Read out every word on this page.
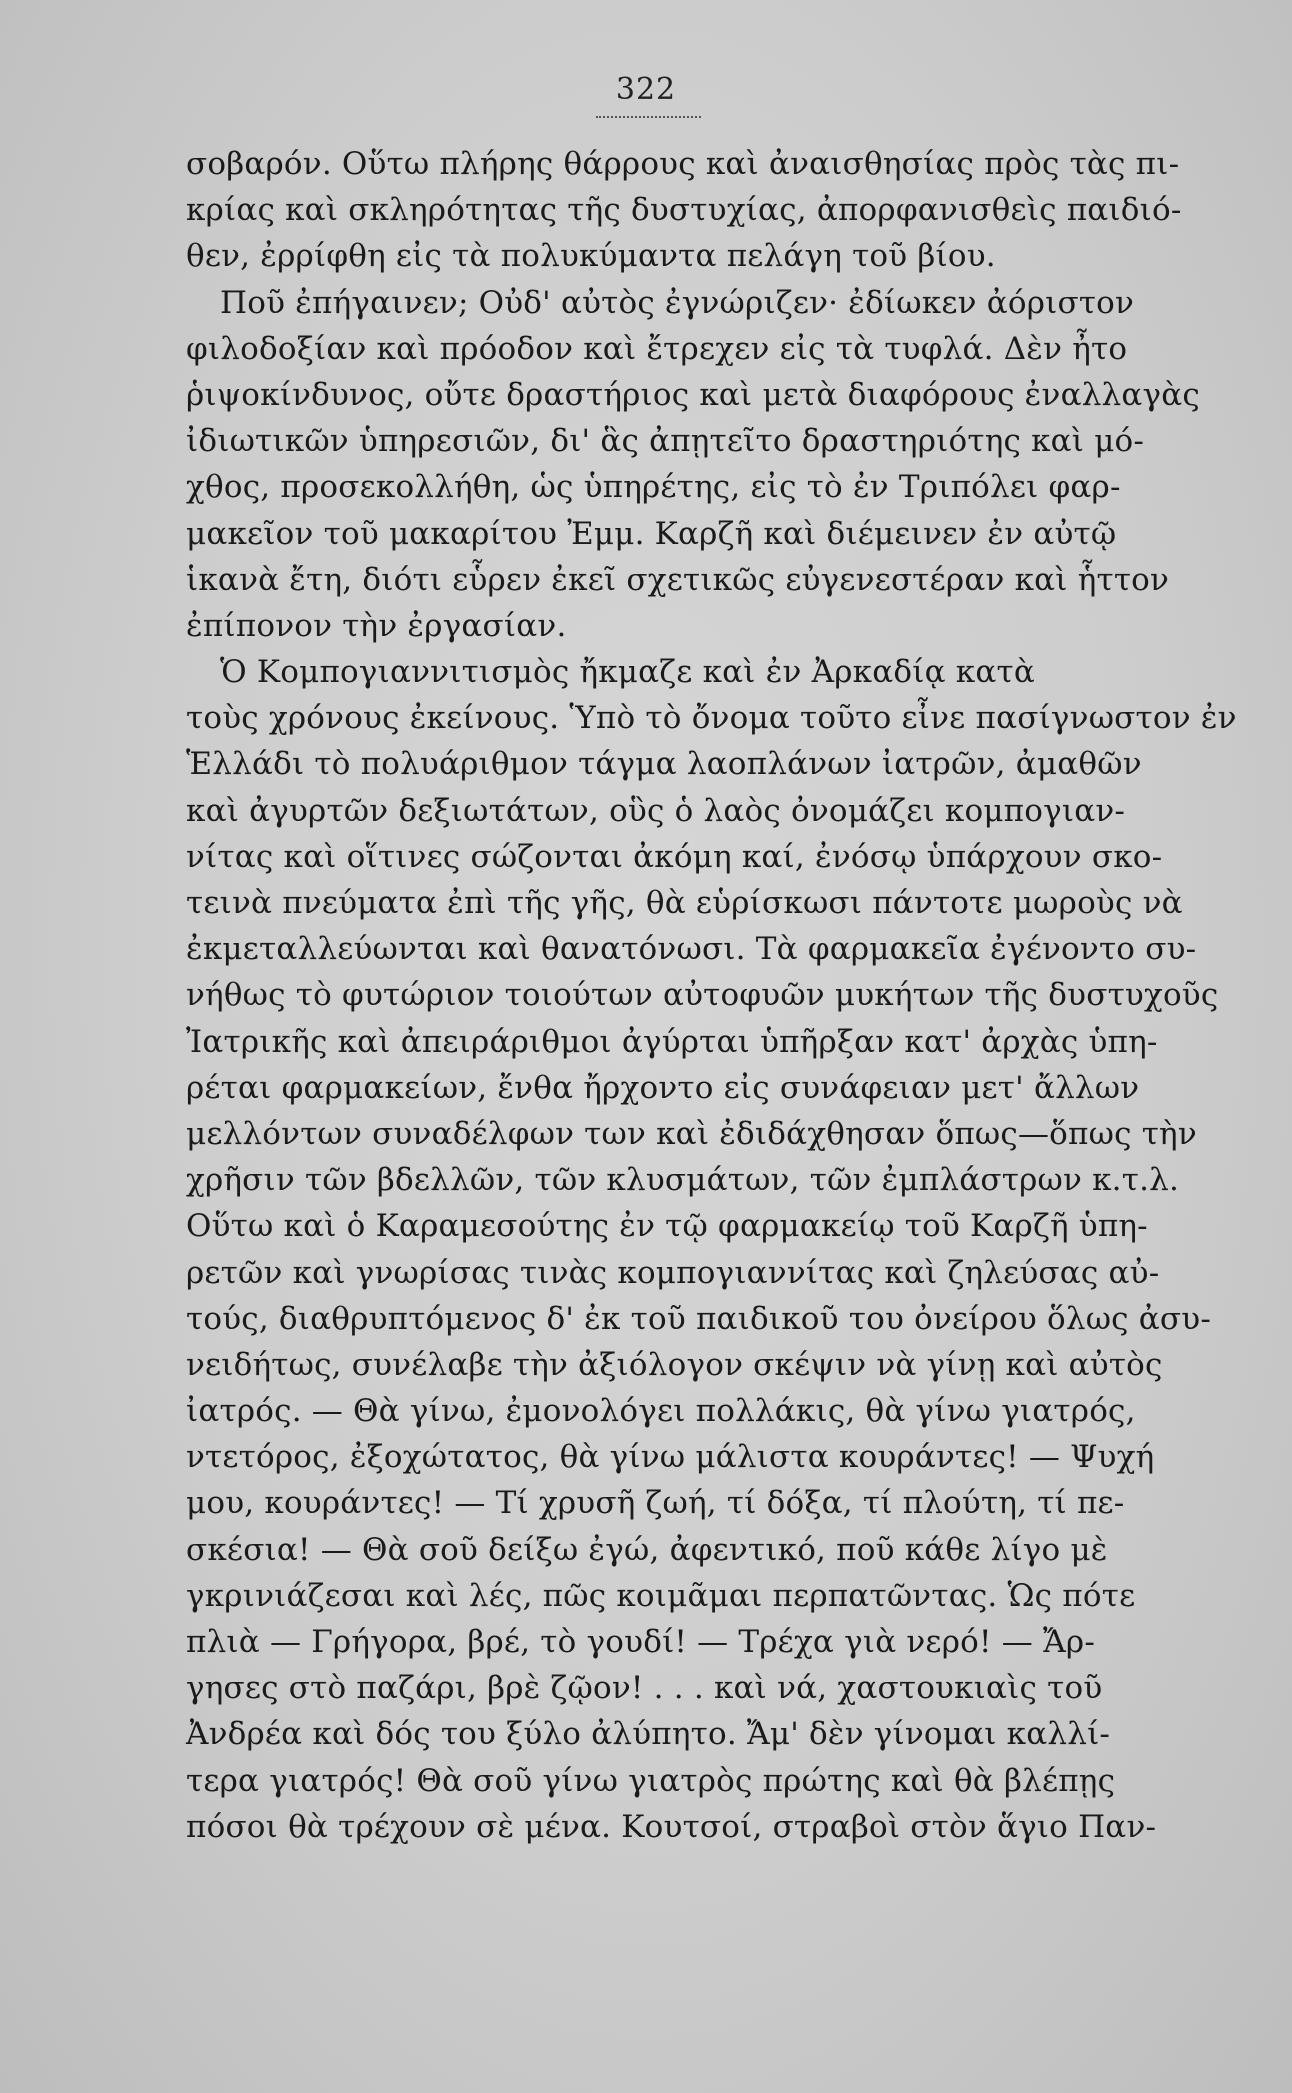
322
σοβαρόν. Οὕτω πλήρης θάρρους καὶ ἀναισθησίας πρὸς τὰς πι-
κρίας καὶ σκληρότητας τῆς δυστυχίας, ἀπορφανισθεὶς παιδιό-
θεν, ἐρρίφθη εἰς τὰ πολυκύμαντα πελάγη τοῦ βίου.
Ποῦ ἐπήγαινεν; Οὐδ' αὐτὸς ἐγνώριζεν· ἐδίωκεν ἀόριστον
φιλοδοξίαν καὶ πρόοδον καὶ ἔτρεχεν εἰς τὰ τυφλά. Δὲν ἦτο
ῥιψοκίνδυνος, οὔτε δραστήριος καὶ μετὰ διαφόρους ἐναλλαγὰς
ἰδιωτικῶν ὑπηρεσιῶν, δι' ἃς ἀπῃτεῖτο δραστηριότης καὶ μό-
χθος, προσεκολλήθη, ὡς ὑπηρέτης, εἰς τὸ ἐν Τριπόλει φαρ-
μακεῖον τοῦ μακαρίτου Ἐμμ. Καρζῆ καὶ διέμεινεν ἐν αὐτῷ
ἱκανὰ ἔτη, διότι εὗρεν ἐκεῖ σχετικῶς εὐγενεστέραν καὶ ἧττον
ἐπίπονον τὴν ἐργασίαν.
Ὁ Κομπογιαννιτισμὸς ἤκμαζε καὶ ἐν Ἀρκαδίᾳ κατὰ
τοὺς χρόνους ἐκείνους. Ὑπὸ τὸ ὄνομα τοῦτο εἶνε πασίγνωστον ἐν
Ἑλλάδι τὸ πολυάριθμον τάγμα λαοπλάνων ἰατρῶν, ἀμαθῶν
καὶ ἀγυρτῶν δεξιωτάτων, οὓς ὁ λαὸς ὀνομάζει κομπογιαν-
νίτας καὶ οἵτινες σώζονται ἀκόμη καί, ἐνόσῳ ὑπάρχουν σκο-
τεινὰ πνεύματα ἐπὶ τῆς γῆς, θὰ εὑρίσκωσι πάντοτε μωροὺς νὰ
ἐκμεταλλεύωνται καὶ θανατόνωσι. Τὰ φαρμακεῖα ἐγένοντο συ-
νήθως τὸ φυτώριον τοιούτων αὐτοφυῶν μυκήτων τῆς δυστυχοῦς
Ἰατρικῆς καὶ ἀπειράριθμοι ἀγύρται ὑπῆρξαν κατ' ἀρχὰς ὑπη-
ρέται φαρμακείων, ἔνθα ἤρχοντο εἰς συνάφειαν μετ' ἄλλων
μελλόντων συναδέλφων των καὶ ἐδιδάχθησαν ὅπως—ὅπως τὴν
χρῆσιν τῶν βδελλῶν, τῶν κλυσμάτων, τῶν ἐμπλάστρων κ.τ.λ.
Οὕτω καὶ ὁ Καραμεσούτης ἐν τῷ φαρμακείῳ τοῦ Καρζῆ ὑπη-
ρετῶν καὶ γνωρίσας τινὰς κομπογιαννίτας καὶ ζηλεύσας αὐ-
τούς, διαθρυπτόμενος δ' ἐκ τοῦ παιδικοῦ του ὀνείρου ὅλως ἀσυ-
νειδήτως, συνέλαβε τὴν ἀξιόλογον σκέψιν νὰ γίνῃ καὶ αὐτὸς
ἰατρός. — Θὰ γίνω, ἐμονολόγει πολλάκις, θὰ γίνω γιατρός,
ντετόρος, ἐξοχώτατος, θὰ γίνω μάλιστα κουράντες! — Ψυχή
μου, κουράντες! — Τί χρυσῆ ζωή, τί δόξα, τί πλούτη, τί πε-
σκέσια! — Θὰ σοῦ δείξω ἐγώ, ἀφεντικό, ποῦ κάθε λίγο μὲ
γκρινιάζεσαι καὶ λές, πῶς κοιμᾶμαι περπατῶντας. Ὡς πότε
πλιὰ — Γρήγορα, βρέ, τὸ γουδί! — Τρέχα γιὰ νερό! — Ἄρ-
γησες στὸ παζάρι, βρὲ ζῷον! . . . καὶ νά, χαστουκιαὶς τοῦ
Ἀνδρέα καὶ δός του ξύλο ἀλύπητο. Ἄμ' δὲν γίνομαι καλλί-
τερα γιατρός! Θὰ σοῦ γίνω γιατρὸς πρώτης καὶ θὰ βλέπῃς
πόσοι θὰ τρέχουν σὲ μένα. Κουτσοί, στραβοὶ στὸν ἅγιο Παν-
